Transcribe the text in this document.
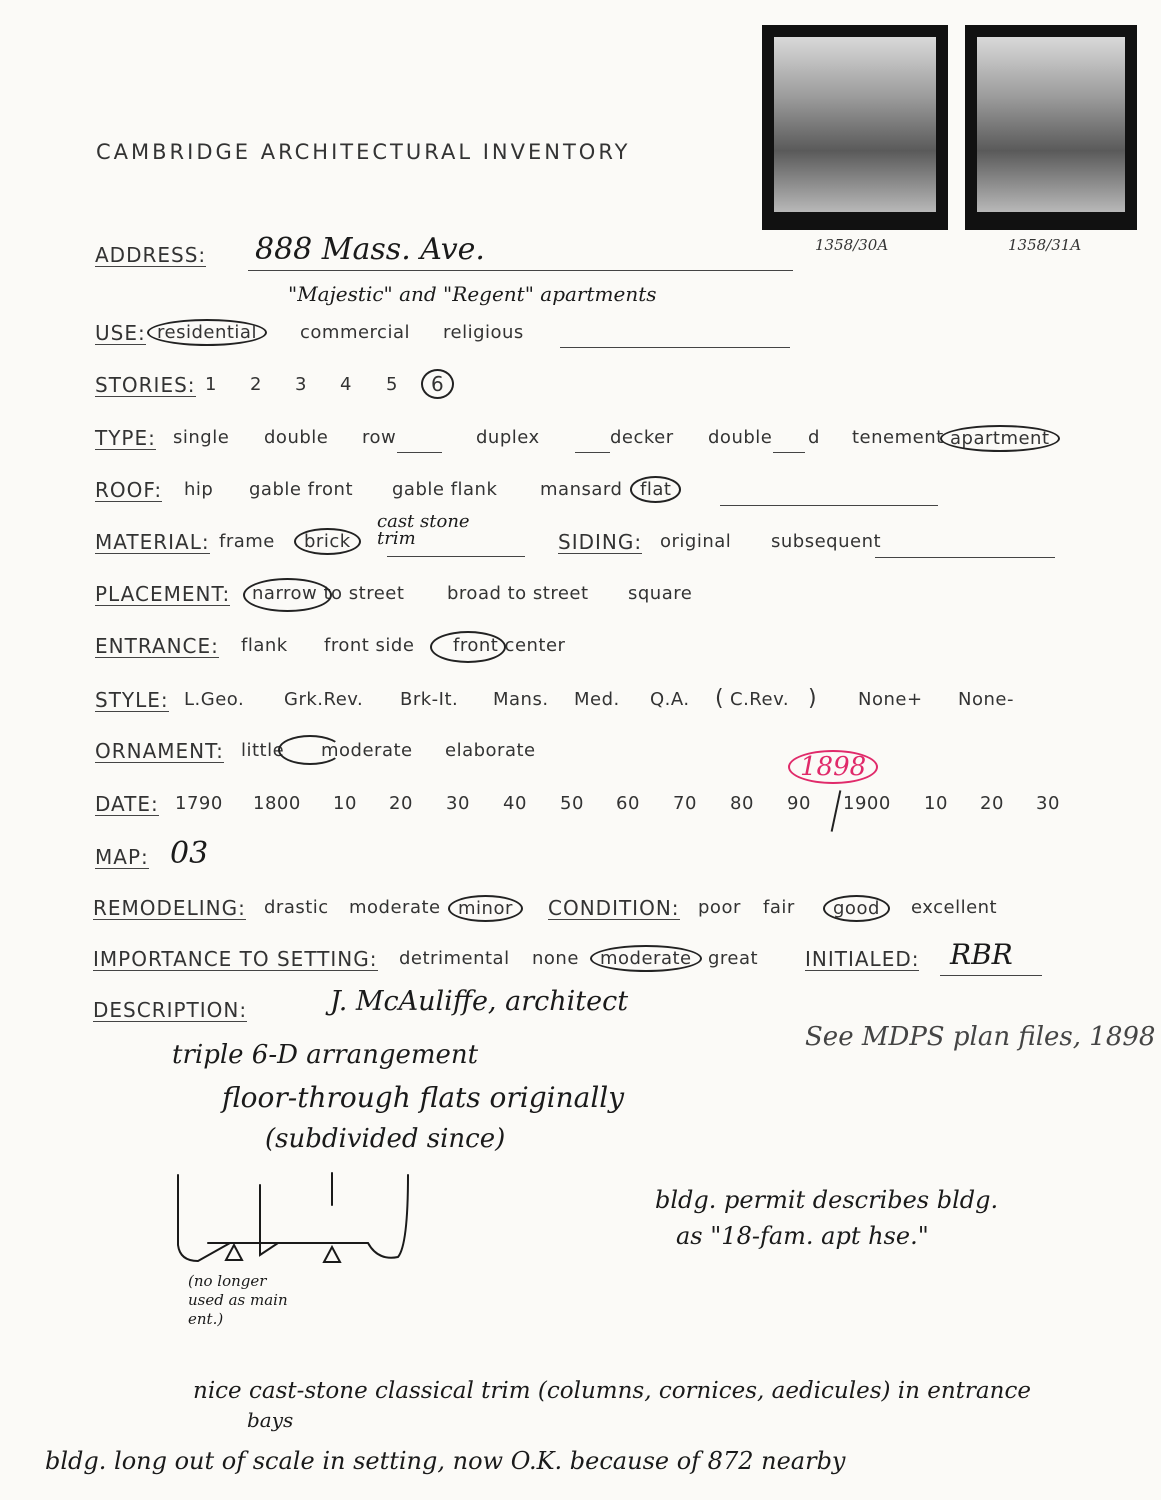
CAMBRIDGE ARCHITECTURAL INVENTORY
1358/30A	1358/31A
ADDRESS: 888 Mass. Ave.
"Majestic" and "Regent" apartments
USE: residential	commercial religious
STORIES: 1 2 3 4 5	6
TYPE: single double row	duplex	decker double d tenement apartment
ROOF: hip gable front gable flank mansard flat
MATERIAL: frame	brick
cast stone trim	SIDING: original subsequent
PLACEMENT: narrow to street broad to street square
ENTRANCE: flank front side front center
STYLE: L.Geo. Grk.Rev. Brk-It. Mans. Med. Q.A. ( C.Rev. ) None+ None-
ORNAMENT: little moderate elaborate
DATE: 1790 1800 10 20 30 40 50 60 70 80 90 1900 10 20 30
1898
MAP: 03
REMODELING: drastic moderate minor	CONDITION: poor fair	good	excellent
IMPORTANCE TO SETTING: detrimental none	moderate great INITIALED: RBR
DESCRIPTION:	J. McAuliffe, architect
See MDPS plan files, 1898
triple 6-D arrangement
floor-through flats originally
(subdivided since)
(no longer used as main ent.)
bldg. permit describes bldg.
as "18-fam. apt hse."
nice cast-stone classical trim (columns, cornices, aedicules) in entrance
bays
bldg. long out of scale in setting, now O.K. because of 872 nearby
